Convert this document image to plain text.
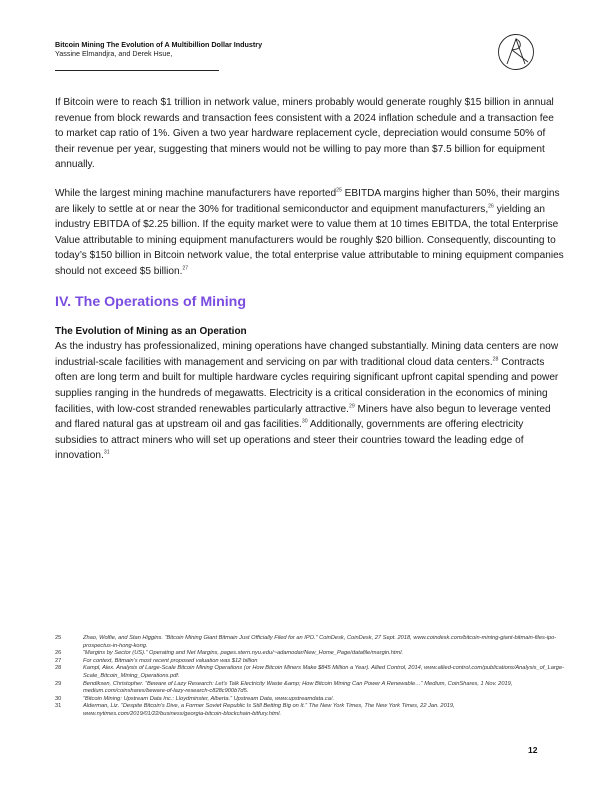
Bitcoin Mining The Evolution of A Multibillion Dollar Industry
Yassine Elmandjra, and Derek Hsue,

If Bitcoin were to reach $1 trillion in network value, miners probably would generate roughly $15 billion in annual revenue from block rewards and transaction fees consistent with a 2024 inflation schedule and a transaction fee to market cap ratio of 1%. Given a two year hardware replacement cycle, depreciation would consume 50% of their revenue per year, suggesting that miners would not be willing to pay more than $7.5 billion for equipment annually.

While the largest mining machine manufacturers have reported$^{25}$ EBITDA margins higher than 50%, their margins are likely to settle at or near the 30% for traditional semiconductor and equipment manufacturers,$^{26}$ yielding an industry EBITDA of $2.25 billion. If the equity market were to value them at 10 times EBITDA, the total Enterprise Value attributable to mining equipment manufacturers would be roughly $20 billion. Consequently, discounting to today’s $150 billion in Bitcoin network value, the total enterprise value attributable to mining equipment companies should not exceed $5 billion.$^{27}$

IV. The Operations of Mining
The Evolution of Mining as an Operation

As the industry has professionalized, mining operations have changed substantially. Mining data centers are now industrial-scale facilities with management and servicing on par with traditional cloud data centers.$^{28}$ Contracts often are long term and built for multiple hardware cycles requiring significant upfront capital spending and power supplies ranging in the hundreds of megawatts. Electricity is a critical consideration in the economics of mining facilities, with low-cost stranded renewables particularly attractive.$^{29}$ Miners have also begun to leverage vented and flared natural gas at upstream oil and gas facilities.$^{30}$ Additionally, governments are offering electricity subsidies to attract miners who will set up operations and steer their countries toward the leading edge of innovation.$^{31}$

25	Zhao, Wolfie, and Stan Higgins. “Bitcoin Mining Giant Bitmain Just Officially Filed for an IPO.” CoinDesk, CoinDesk, 27 Sept. 2018, www.coindesk.com/bitcoin-mining-giant-bitmain-files-ipo-prospectus-in-hong-kong.
26	“Margins by Sector (US).” Operating and Net Margins, pages.stern.nyu.edu/~adamodar/New_Home_Page/datafile/margin.html.
27	For context, Bitmain’s most recent proposed valuation was $12 billion
28	Kampl, Alex. Analysis of Large-Scale Bitcoin Mining Operations (or How Bitcoin Miners Make $845 Million a Year). Allied Control, 2014, www.allied-control.com/publications/Analysis_of_Large-Scale_Bitcoin_Mining_Operations.pdf.
29	Bendiksen, Christopher. “Beware of Lazy Research: Let’s Talk Electricity Waste &amp; How Bitcoin Mining Can Power A Renewable…” Medium, CoinShares, 1 Nov. 2019, medium.com/coinshares/beware-of-lazy-research-c828c900b7d5.
30	“Bitcoin Mining: Upstream Data Inc.: Lloydminster, Alberta.” Upstream Data, www.upstreamdata.ca/.
31	Alderman, Liz. “Despite Bitcoin’s Dive, a Former Soviet Republic Is Still Betting Big on It.” The New York Times, The New York Times, 22 Jan. 2019, www.nytimes.com/2019/01/22/business/georgia-bitcoin-blockchain-bitfury.html.
12
